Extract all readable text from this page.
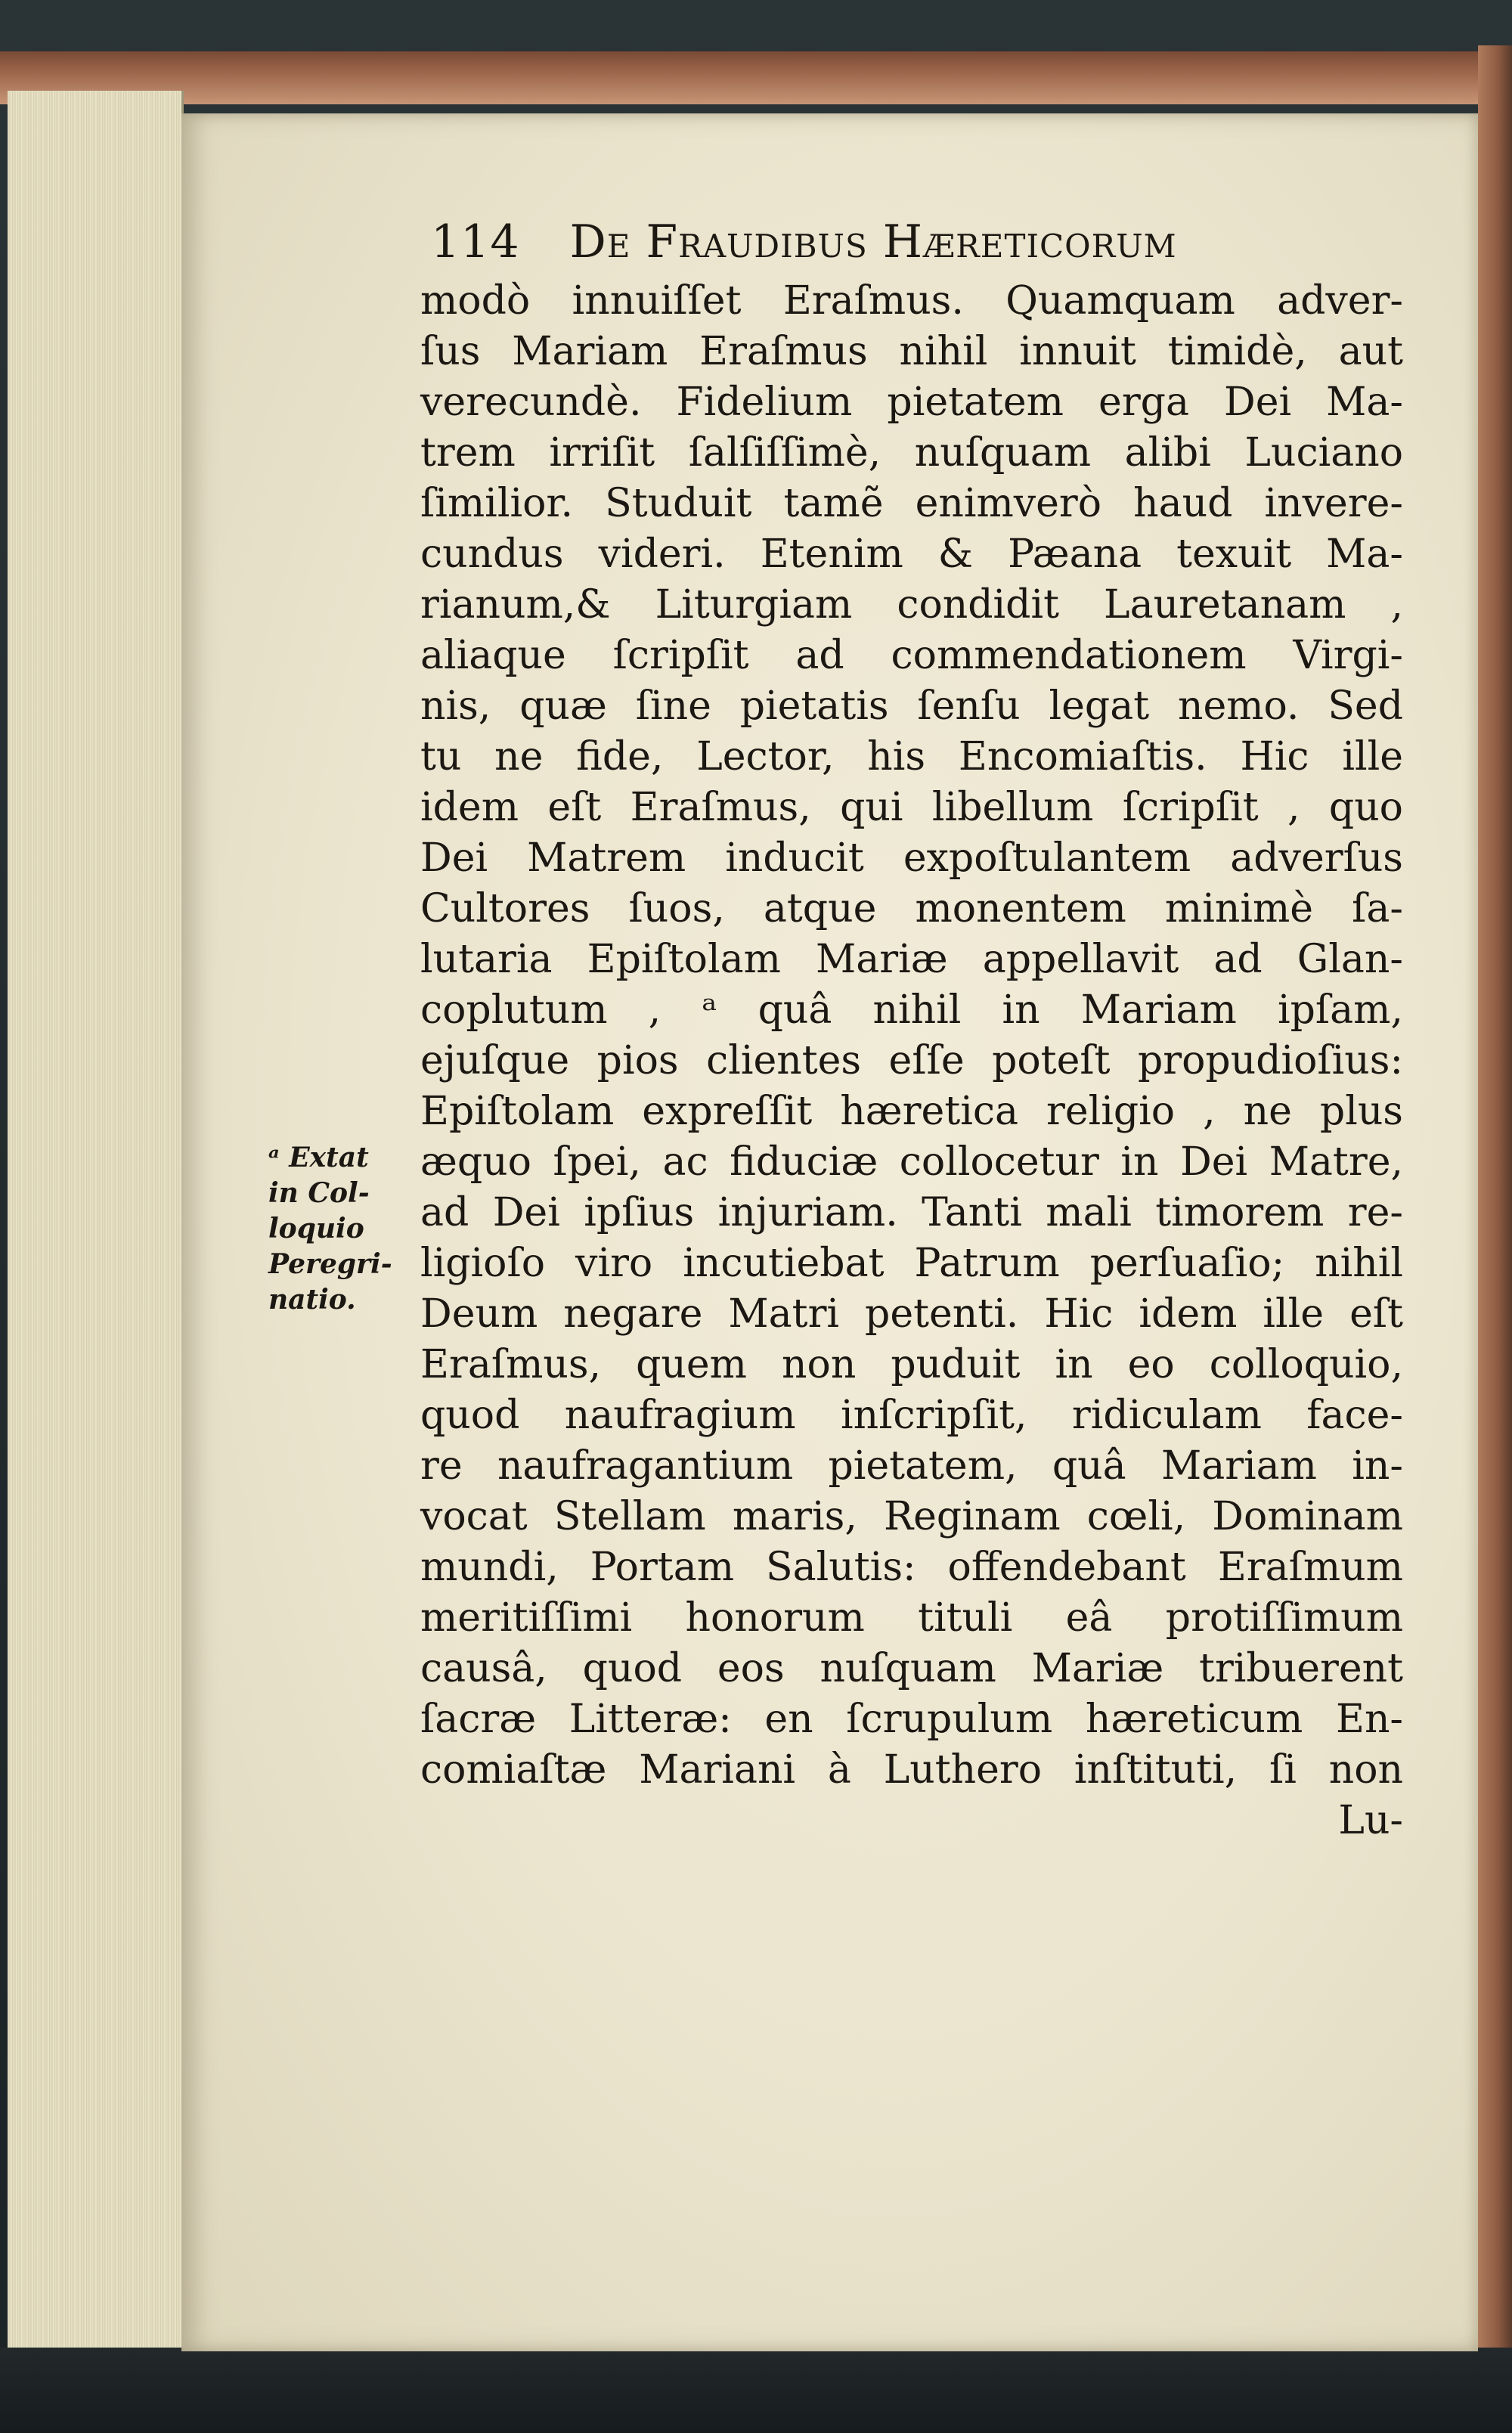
114 De Fraudibus Hæreticorum
modò innuiſſet Eraſmus. Quamquam adver-
ſus Mariam Eraſmus nihil innuit timidè, aut
verecundè. Fidelium pietatem erga Dei Ma-
trem irriſit ſalſiſſimè, nuſquam alibi Luciano
ſimilior. Studuit tamẽ enimverò haud invere-
cundus videri. Etenim & Pæana texuit Ma-
rianum,& Liturgiam condidit Lauretanam ,
aliaque ſcripſit ad commendationem Virgi-
nis, quæ ſine pietatis ſenſu legat nemo. Sed
tu ne fide, Lector, his Encomiaſtis. Hic ille
idem eſt Eraſmus, qui libellum ſcripſit , quo
Dei Matrem inducit expoſtulantem adverſus
Cultores ſuos, atque monentem minimè ſa-
lutaria Epiſtolam Mariæ appellavit ad Glan-
coplutum , ᵃ quâ nihil in Mariam ipſam,
ejuſque pios clientes eſſe poteſt propudioſius:
Epiſtolam expreſſit hæretica religio , ne plus
æquo ſpei, ac fiduciæ collocetur in Dei Matre,
ad Dei ipſius injuriam. Tanti mali timorem re-
ligioſo viro incutiebat Patrum perſuaſio; nihil
Deum negare Matri petenti. Hic idem ille eſt
Eraſmus, quem non puduit in eo colloquio,
quod naufragium inſcripſit, ridiculam face-
re naufragantium pietatem, quâ Mariam in-
vocat Stellam maris, Reginam cœli, Dominam
mundi, Portam Salutis: offendebant Eraſmum
meritiſſimi honorum tituli eâ protiſſimum
causâ, quod eos nuſquam Mariæ tribuerent
ſacræ Litteræ: en ſcrupulum hæreticum En-
comiaſtæ Mariani à Luthero inſtituti, ſi non
Lu-
ᵃ Extat
in Col-
loquio
Peregri-
natio.
